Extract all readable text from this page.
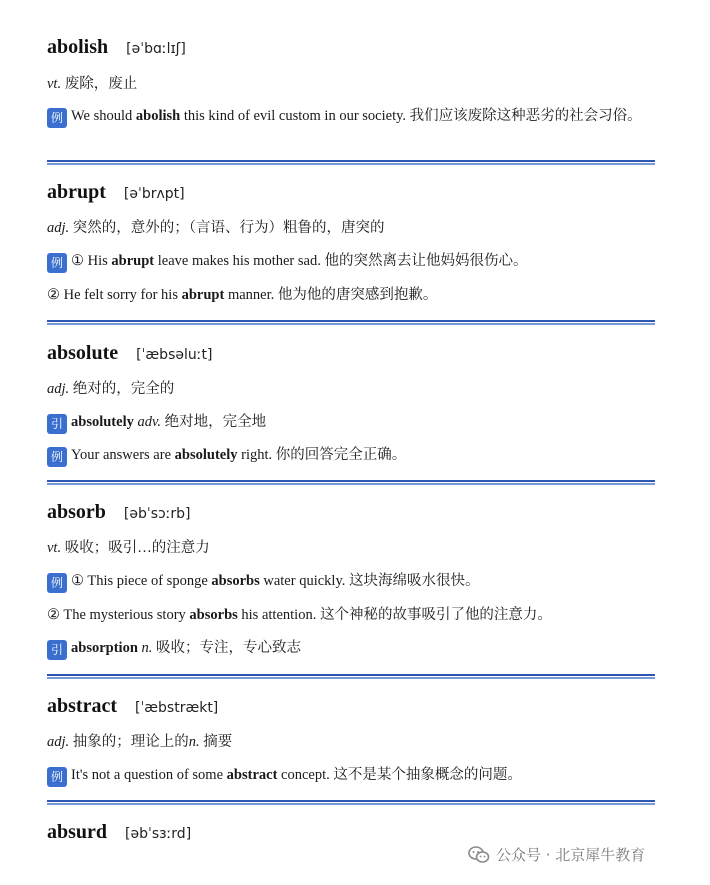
abolish [əˈbɑːlɪʃ]
vt. 废除，废止
例 We should abolish this kind of evil custom in our society. 我们应该废除这种恶劣的社会习俗。
abrupt [əˈbrʌpt]
adj. 突然的，意外的；（言语、行为）粗鲁的，唐突的
例 ① His abrupt leave makes his mother sad. 他的突然离去让他妈妈很伤心。
② He felt sorry for his abrupt manner. 他为他的唐突感到抱歉。
absolute [ˈæbsəluːt]
adj. 绝对的，完全的
引 absolutely adv. 绝对地，完全地
例 Your answers are absolutely right. 你的回答完全正确。
absorb [əbˈsɔːrb]
vt. 吸收；吸引…的注意力
例 ① This piece of sponge absorbs water quickly. 这块海绵吸水很快。
② The mysterious story absorbs his attention. 这个神秘的故事吸引了他的注意力。
引 absorption n. 吸收；专注，专心致志
abstract [ˈæbstrækt]
adj. 抽象的；理论上的n. 摘要
例 It's not a question of some abstract concept. 这不是某个抽象概念的问题。
absurd [əbˈsɜːrd]
公众号 · 北京犀牛教育
